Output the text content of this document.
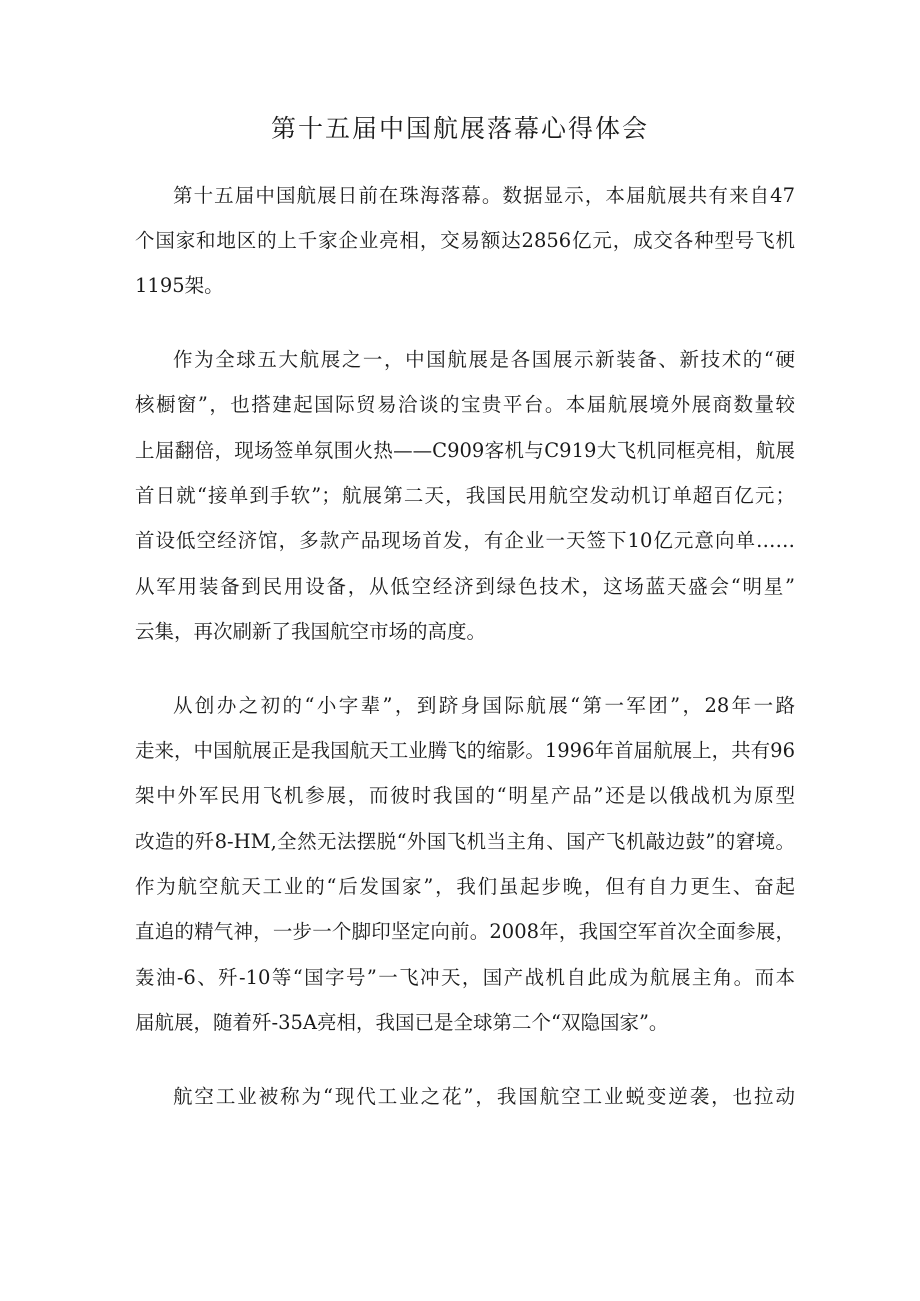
第十五届中国航展落幕心得体会

第十五届中国航展日前在珠海落幕。数据显示，本届航展共有来自47

个国家和地区的上千家企业亮相，交易额达2856亿元，成交各种型号飞机

1195架。

作为全球五大航展之一，中国航展是各国展示新装备、新技术的“硬

核橱窗”，也搭建起国际贸易洽谈的宝贵平台。本届航展境外展商数量较

上届翻倍，现场签单氛围火热——C909客机与C919大飞机同框亮相，航展

首日就“接单到手软”；航展第二天，我国民用航空发动机订单超百亿元；

首设低空经济馆，多款产品现场首发，有企业一天签下10亿元意向单……

从军用装备到民用设备，从低空经济到绿色技术，这场蓝天盛会“明星”

云集，再次刷新了我国航空市场的高度。

从创办之初的“小字辈”，到跻身国际航展“第一军团”，28年一路

走来，中国航展正是我国航天工业腾飞的缩影。1996年首届航展上，共有96

架中外军民用飞机参展，而彼时我国的“明星产品”还是以俄战机为原型

改造的歼8-HM,全然无法摆脱“外国飞机当主角、国产飞机敲边鼓”的窘境。

作为航空航天工业的“后发国家”，我们虽起步晚，但有自力更生、奋起

直追的精气神，一步一个脚印坚定向前。2008年，我国空军首次全面参展，

轰油-6、歼-10等“国字号”一飞冲天，国产战机自此成为航展主角。而本

届航展，随着歼-35A亮相，我国已是全球第二个“双隐国家”。

航空工业被称为“现代工业之花”，我国航空工业蜕变逆袭，也拉动
